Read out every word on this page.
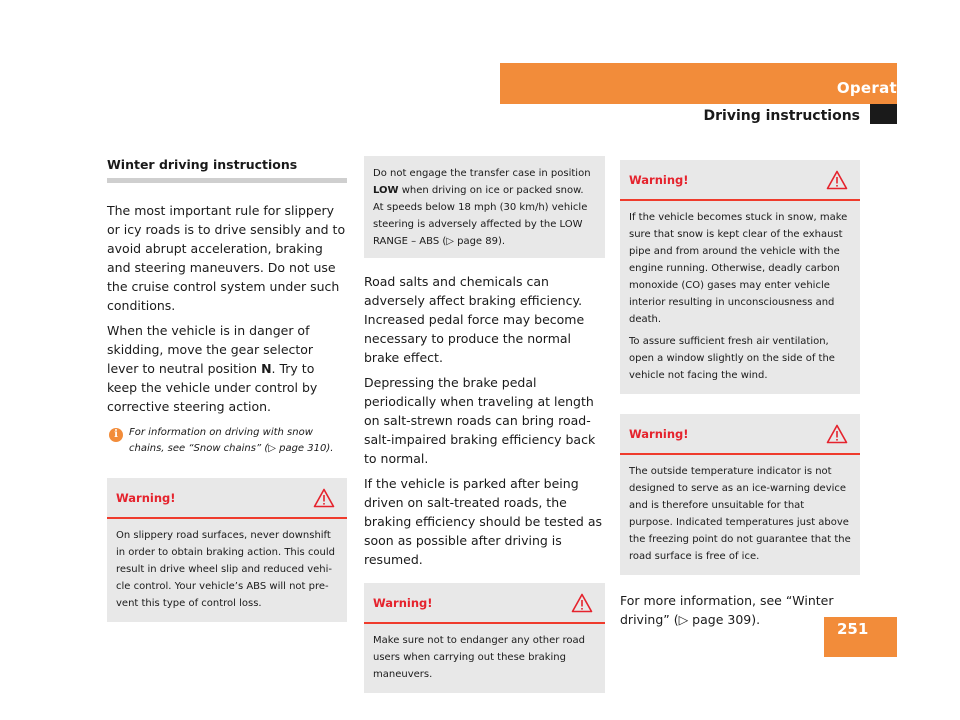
Operation
Driving instructions
Winter driving instructions

The most important rule for slippery or icy roads is to drive sensibly and to avoid abrupt acceleration, braking and steering maneuvers. Do not use the cruise control system under such conditions.

When the vehicle is in danger of skidding, move the gear selector lever to neutral position N. Try to keep the vehicle under control by corrective steering action.

i	For information on driving with snow chains, see “Snow chains” (▷ page 310).
Warning!
On slippery road surfaces, never downshift in order to obtain braking action. This could result in drive wheel slip and reduced vehi- cle control. Your vehicle’s ABS will not pre- vent this type of control loss.
Do not engage the transfer case in position LOW when driving on ice or packed snow. At speeds below 18 mph (30 km/h) vehicle steering is adversely affected by the LOW RANGE – ABS (▷ page 89).

Road salts and chemicals can adversely affect braking efficiency. Increased pedal force may become necessary to produce the normal brake effect.

Depressing the brake pedal periodically when traveling at length on salt-strewn roads can bring road-salt-impaired braking efficiency back to normal.

If the vehicle is parked after being driven on salt-treated roads, the braking efficiency should be tested as soon as possible after driving is resumed.

Warning!
Make sure not to endanger any other road users when carrying out these braking maneuvers.
Warning!

If the vehicle becomes stuck in snow, make sure that snow is kept clear of the exhaust pipe and from around the vehicle with the engine running. Otherwise, deadly carbon monoxide (CO) gases may enter vehicle interior resulting in unconsciousness and death.

To assure sufficient fresh air ventilation, open a window slightly on the side of the vehicle not facing the wind.

Warning!
The outside temperature indicator is not designed to serve as an ice-warning device and is therefore unsuitable for that purpose. Indicated temperatures just above the freezing point do not guarantee that the road surface is free of ice.

For more information, see “Winter driving” (▷ page 309).

251
